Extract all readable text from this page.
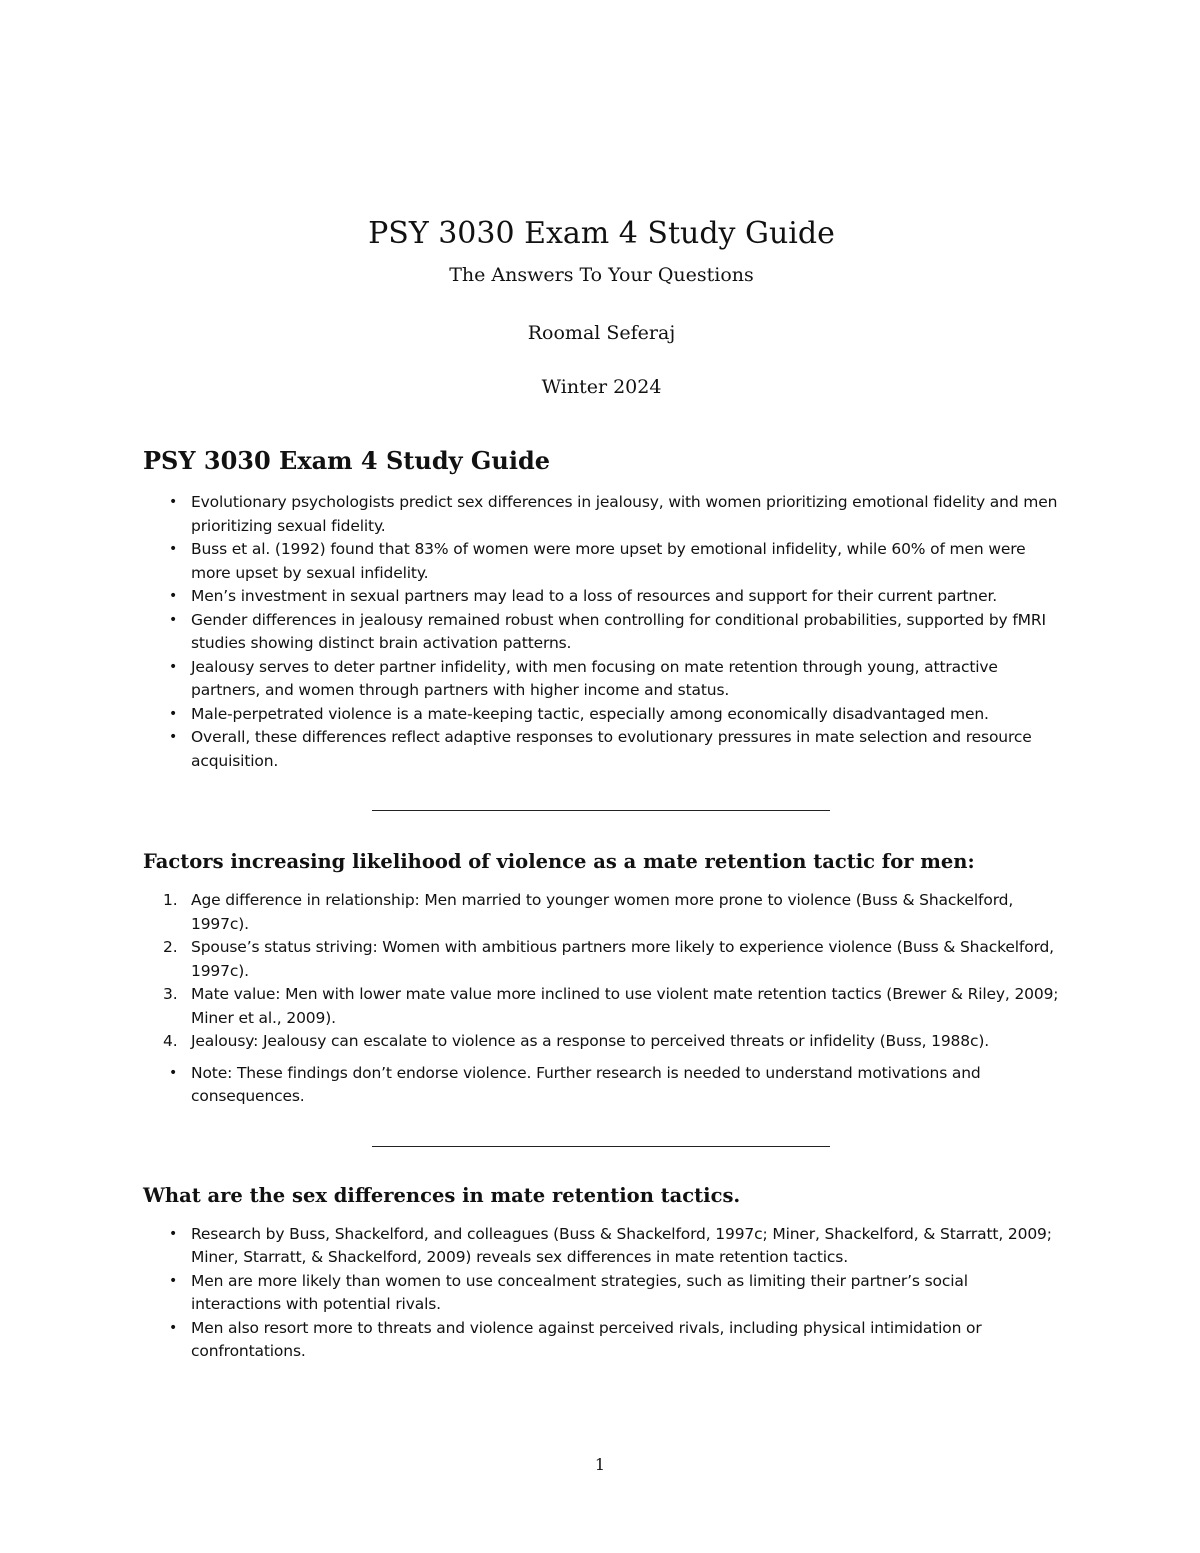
PSY 3030 Exam 4 Study Guide
The Answers To Your Questions
Roomal Seferaj
Winter 2024
PSY 3030 Exam 4 Study Guide
• Evolutionary psychologists predict sex differences in jealousy, with women prioritizing emotional fidelity and men prioritizing sexual fidelity.
• Buss et al. (1992) found that 83% of women were more upset by emotional infidelity, while 60% of men were more upset by sexual infidelity.
• Men’s investment in sexual partners may lead to a loss of resources and support for their current partner.
• Gender differences in jealousy remained robust when controlling for conditional probabilities, supported by fMRI studies showing distinct brain activation patterns.
• Jealousy serves to deter partner infidelity, with men focusing on mate retention through young, attractive partners, and women through partners with higher income and status.
• Male-perpetrated violence is a mate-keeping tactic, especially among economically disadvantaged men.
• Overall, these differences reflect adaptive responses to evolutionary pressures in mate selection and resource acquisition.
Factors increasing likelihood of violence as a mate retention tactic for men:
1. Age difference in relationship: Men married to younger women more prone to violence (Buss & Shackelford, 1997c).
2. Spouse’s status striving: Women with ambitious partners more likely to experience violence (Buss & Shackelford, 1997c).
3. Mate value: Men with lower mate value more inclined to use violent mate retention tactics (Brewer & Riley, 2009; Miner et al., 2009).
4. Jealousy: Jealousy can escalate to violence as a response to perceived threats or infidelity (Buss, 1988c).
• Note: These findings don’t endorse violence. Further research is needed to understand motivations and consequences.
What are the sex differences in mate retention tactics.
• Research by Buss, Shackelford, and colleagues (Buss & Shackelford, 1997c; Miner, Shackelford, & Starratt, 2009; Miner, Starratt, & Shackelford, 2009) reveals sex differences in mate retention tactics.
• Men are more likely than women to use concealment strategies, such as limiting their partner’s social interactions with potential rivals.
• Men also resort more to threats and violence against perceived rivals, including physical intimidation or confrontations.
1
